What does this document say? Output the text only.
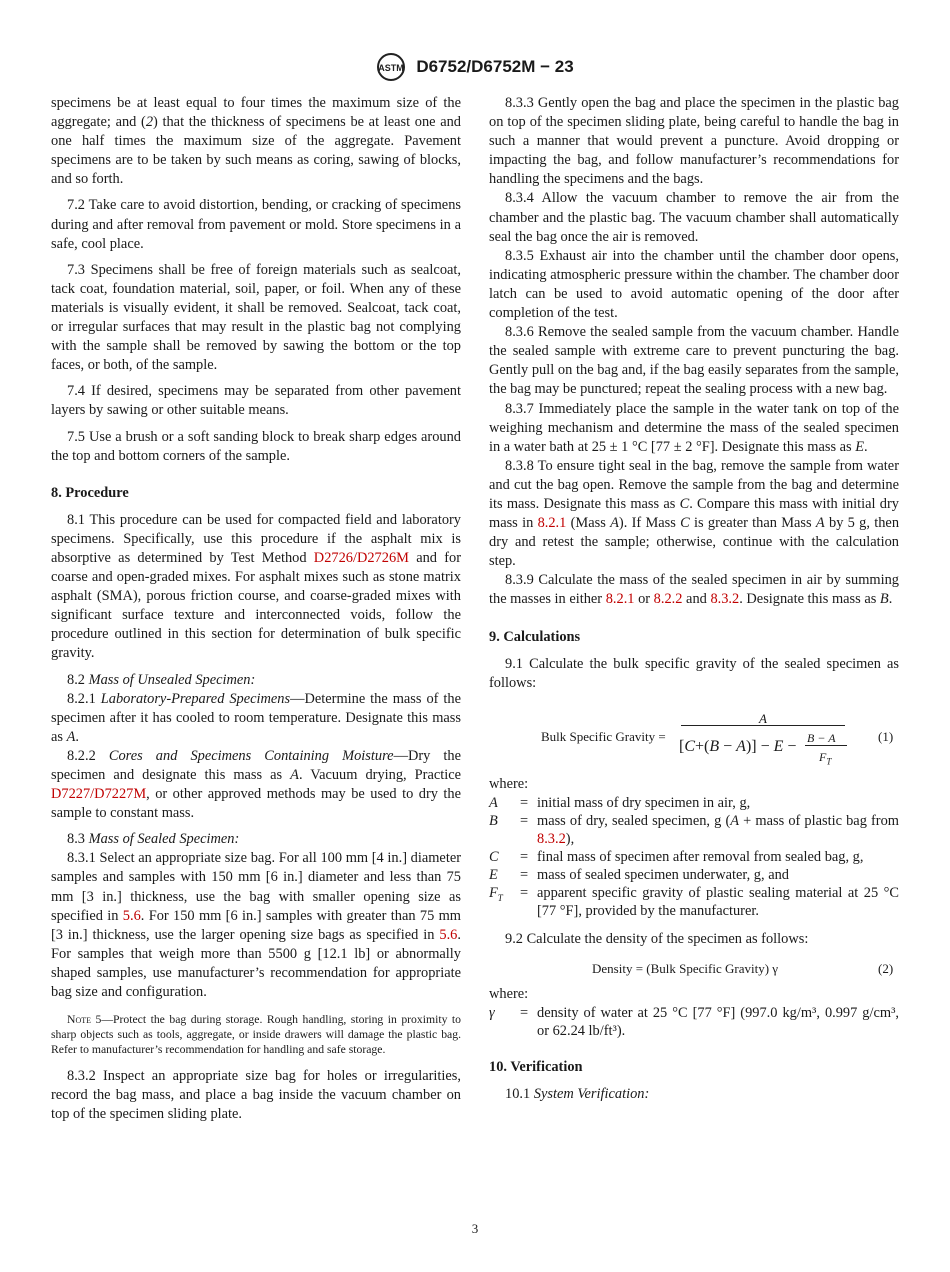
ASTM D6752/D6752M − 23

specimens be at least equal to four times the maximum size of the aggregate; and (2) that the thickness of specimens be at least one and one half times the maximum size of the aggregate. Pavement specimens are to be taken by such means as coring, sawing of blocks, and so forth.

7.2 Take care to avoid distortion, bending, or cracking of specimens during and after removal from pavement or mold. Store specimens in a safe, cool place.

7.3 Specimens shall be free of foreign materials such as sealcoat, tack coat, foundation material, soil, paper, or foil. When any of these materials is visually evident, it shall be removed. Sealcoat, tack coat, or irregular surfaces that may result in the plastic bag not complying with the sample shall be removed by sawing the bottom or the top faces, or both, of the sample.

7.4 If desired, specimens may be separated from other pavement layers by sawing or other suitable means.

7.5 Use a brush or a soft sanding block to break sharp edges around the top and bottom corners of the sample.

8. Procedure

8.1 This procedure can be used for compacted field and laboratory specimens. Specifically, use this procedure if the asphalt mix is absorptive as determined by Test Method D2726/D2726M and for coarse and open-graded mixes. For asphalt mixes such as stone matrix asphalt (SMA), porous friction course, and coarse-graded mixes with significant surface texture and interconnected voids, follow the procedure outlined in this section for determination of bulk specific gravity.

8.2 Mass of Unsealed Specimen:

8.2.1 Laboratory-Prepared Specimens—Determine the mass of the specimen after it has cooled to room temperature. Designate this mass as A.

8.2.2 Cores and Specimens Containing Moisture—Dry the specimen and designate this mass as A. Vacuum drying, Practice D7227/D7227M, or other approved methods may be used to dry the sample to constant mass.

8.3 Mass of Sealed Specimen:

8.3.1 Select an appropriate size bag. For all 100 mm [4 in.] diameter samples and samples with 150 mm [6 in.] diameter and less than 75 mm [3 in.] thickness, use the bag with smaller opening size as specified in 5.6. For 150 mm [6 in.] samples with greater than 75 mm [3 in.] thickness, use the larger opening size bags as specified in 5.6. For samples that weigh more than 5500 g [12.1 lb] or abnormally shaped samples, use manufacturer’s recommendation for appropriate bag size and configuration.

Note 5—Protect the bag during storage. Rough handling, storing in proximity to sharp objects such as tools, aggregate, or inside drawers will damage the plastic bag. Refer to manufacturer’s recommendation for handling and safe storage.

8.3.2 Inspect an appropriate size bag for holes or irregularities, record the bag mass, and place a bag inside the vacuum chamber on top of the specimen sliding plate.

8.3.3 Gently open the bag and place the specimen in the plastic bag on top of the specimen sliding plate, being careful to handle the bag in such a manner that would prevent a puncture. Avoid dropping or impacting the bag, and follow manufacturer’s recommendations for handling the specimens and the bags.

8.3.4 Allow the vacuum chamber to remove the air from the chamber and the plastic bag. The vacuum chamber shall automatically seal the bag once the air is removed.

8.3.5 Exhaust air into the chamber until the chamber door opens, indicating atmospheric pressure within the chamber. The chamber door latch can be used to avoid automatic opening of the door after completion of the test.

8.3.6 Remove the sealed sample from the vacuum chamber. Handle the sealed sample with extreme care to prevent puncturing the bag. Gently pull on the bag and, if the bag easily separates from the sample, the bag may be punctured; repeat the sealing process with a new bag.

8.3.7 Immediately place the sample in the water tank on top of the weighing mechanism and determine the mass of the sealed specimen in a water bath at 25 ± 1 °C [77 ± 2 °F]. Designate this mass as E.

8.3.8 To ensure tight seal in the bag, remove the sample from water and cut the bag open. Remove the sample from the bag and determine its mass. Designate this mass as C. Compare this mass with initial dry mass in 8.2.1 (Mass A). If Mass C is greater than Mass A by 5 g, then dry and retest the sample; otherwise, continue with the calculation step.

8.3.9 Calculate the mass of the sealed specimen in air by summing the masses in either 8.2.1 or 8.2.2 and 8.3.2. Designate this mass as B.

9. Calculations

9.1 Calculate the bulk specific gravity of the sealed specimen as follows:

Bulk Specific Gravity =
A
[C+(B − A)] − E − B − A
$F_T$
(1)

where:

A	=	initial mass of dry specimen in air, g,
B	=	mass of dry, sealed specimen, g (A + mass of plastic bag from 8.3.2),
C	=	final mass of specimen after removal from sealed bag, g,
E	=	mass of sealed specimen underwater, g, and
$F_T$	=	apparent specific gravity of plastic sealing material at 25 °C [77 °F], provided by the manufacturer.

9.2 Calculate the density of the specimen as follows:

Density = (Bulk Specific Gravity) γ	(2)

where:

γ	=	density of water at 25 °C [77 °F] (997.0 kg/m³, 0.997 g/cm³, or 62.24 lb/ft³).

10. Verification

10.1 System Verification:

3
